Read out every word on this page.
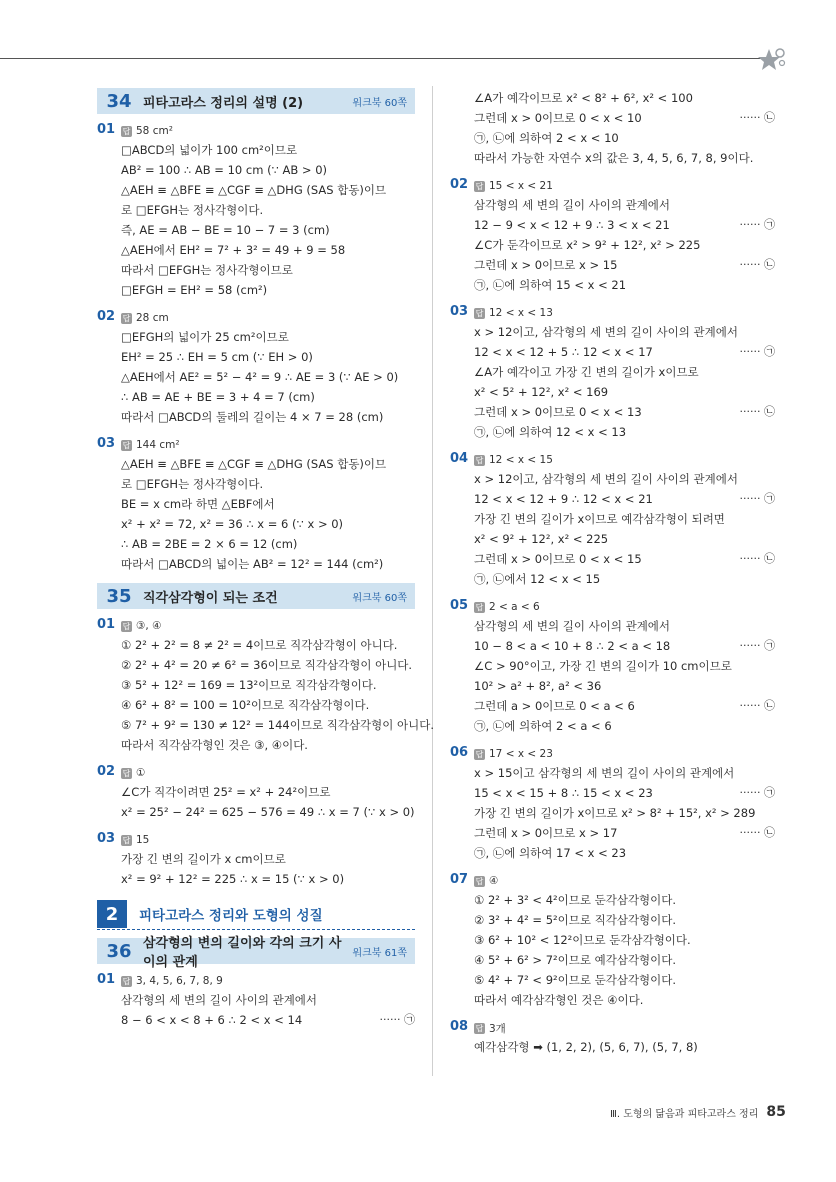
34 피타고라스 정리의 설명 (2)	워크북 60쪽
01 답 58 cm²
□ABCD의 넓이가 100 cm²이므로
AB² = 100 ∴ AB = 10 cm (∵ AB > 0)
△AEH ≡ △BFE ≡ △CGF ≡ △DHG (SAS 합동)이므
로 □EFGH는 정사각형이다.
즉, AE = AB − BE = 10 − 7 = 3 (cm)
△AEH에서 EH² = 7² + 3² = 49 + 9 = 58
따라서 □EFGH는 정사각형이므로
□EFGH = EH² = 58 (cm²)
02 답 28 cm
□EFGH의 넓이가 25 cm²이므로
EH² = 25 ∴ EH = 5 cm (∵ EH > 0)
△AEH에서 AE² = 5² − 4² = 9 ∴ AE = 3 (∵ AE > 0)
∴ AB = AE + BE = 3 + 4 = 7 (cm)
따라서 □ABCD의 둘레의 길이는 4 × 7 = 28 (cm)
03 답 144 cm²
△AEH ≡ △BFE ≡ △CGF ≡ △DHG (SAS 합동)이므
로 □EFGH는 정사각형이다.
BE = x cm라 하면 △EBF에서
x² + x² = 72, x² = 36 ∴ x = 6 (∵ x > 0)
∴ AB = 2BE = 2 × 6 = 12 (cm)
따라서 □ABCD의 넓이는 AB² = 12² = 144 (cm²)
35 직각삼각형이 되는 조건	워크북 60쪽
01 답 ③, ④
① 2² + 2² = 8 ≠ 2² = 4이므로 직각삼각형이 아니다.
② 2² + 4² = 20 ≠ 6² = 36이므로 직각삼각형이 아니다.
③ 5² + 12² = 169 = 13²이므로 직각삼각형이다.
④ 6² + 8² = 100 = 10²이므로 직각삼각형이다.
⑤ 7² + 9² = 130 ≠ 12² = 144이므로 직각삼각형이 아니다.
따라서 직각삼각형인 것은 ③, ④이다.
02 답 ①
∠C가 직각이려면 25² = x² + 24²이므로
x² = 25² − 24² = 625 − 576 = 49 ∴ x = 7 (∵ x > 0)
03 답 15
가장 긴 변의 길이가 x cm이므로
x² = 9² + 12² = 225 ∴ x = 15 (∵ x > 0)
2	피타고라스 정리와 도형의 성질
36 삼각형의 변의 길이와 각의 크기 사이의 관계
워크북 61쪽
01 답 3, 4, 5, 6, 7, 8, 9
삼각형의 세 변의 길이 사이의 관계에서
8 − 6 < x < 8 + 6 ∴ 2 < x < 14	······ ㉠
∠A가 예각이므로 x² < 8² + 6², x² < 100
그런데 x > 0이므로 0 < x < 10	······ ㉡
㉠, ㉡에 의하여 2 < x < 10
따라서 가능한 자연수 x의 값은 3, 4, 5, 6, 7, 8, 9이다.
02 답 15 < x < 21
삼각형의 세 변의 길이 사이의 관계에서
12 − 9 < x < 12 + 9 ∴ 3 < x < 21	······ ㉠
∠C가 둔각이므로 x² > 9² + 12², x² > 225
그런데 x > 0이므로 x > 15	······ ㉡
㉠, ㉡에 의하여 15 < x < 21
03 답 12 < x < 13
x > 12이고, 삼각형의 세 변의 길이 사이의 관계에서
12 < x < 12 + 5 ∴ 12 < x < 17	······ ㉠
∠A가 예각이고 가장 긴 변의 길이가 x이므로
x² < 5² + 12², x² < 169
그런데 x > 0이므로 0 < x < 13	······ ㉡
㉠, ㉡에 의하여 12 < x < 13
04 답 12 < x < 15
x > 12이고, 삼각형의 세 변의 길이 사이의 관계에서
12 < x < 12 + 9 ∴ 12 < x < 21	······ ㉠
가장 긴 변의 길이가 x이므로 예각삼각형이 되려면
x² < 9² + 12², x² < 225
그런데 x > 0이므로 0 < x < 15	······ ㉡
㉠, ㉡에서 12 < x < 15
05 답 2 < a < 6
삼각형의 세 변의 길이 사이의 관계에서
10 − 8 < a < 10 + 8 ∴ 2 < a < 18	······ ㉠
∠C > 90°이고, 가장 긴 변의 길이가 10 cm이므로
10² > a² + 8², a² < 36
그런데 a > 0이므로 0 < a < 6	······ ㉡
㉠, ㉡에 의하여 2 < a < 6
06 답 17 < x < 23
x > 15이고 삼각형의 세 변의 길이 사이의 관계에서
15 < x < 15 + 8 ∴ 15 < x < 23	······ ㉠
가장 긴 변의 길이가 x이므로 x² > 8² + 15², x² > 289
그런데 x > 0이므로 x > 17	······ ㉡
㉠, ㉡에 의하여 17 < x < 23
07 답 ④
① 2² + 3² < 4²이므로 둔각삼각형이다.
② 3² + 4² = 5²이므로 직각삼각형이다.
③ 6² + 10² < 12²이므로 둔각삼각형이다.
④ 5² + 6² > 7²이므로 예각삼각형이다.
⑤ 4² + 7² < 9²이므로 둔각삼각형이다.
따라서 예각삼각형인 것은 ④이다.
08 답 3개
예각삼각형 ➡ (1, 2, 2), (5, 6, 7), (5, 7, 8)
Ⅲ. 도형의 닮음과 피타고라스 정리 85
